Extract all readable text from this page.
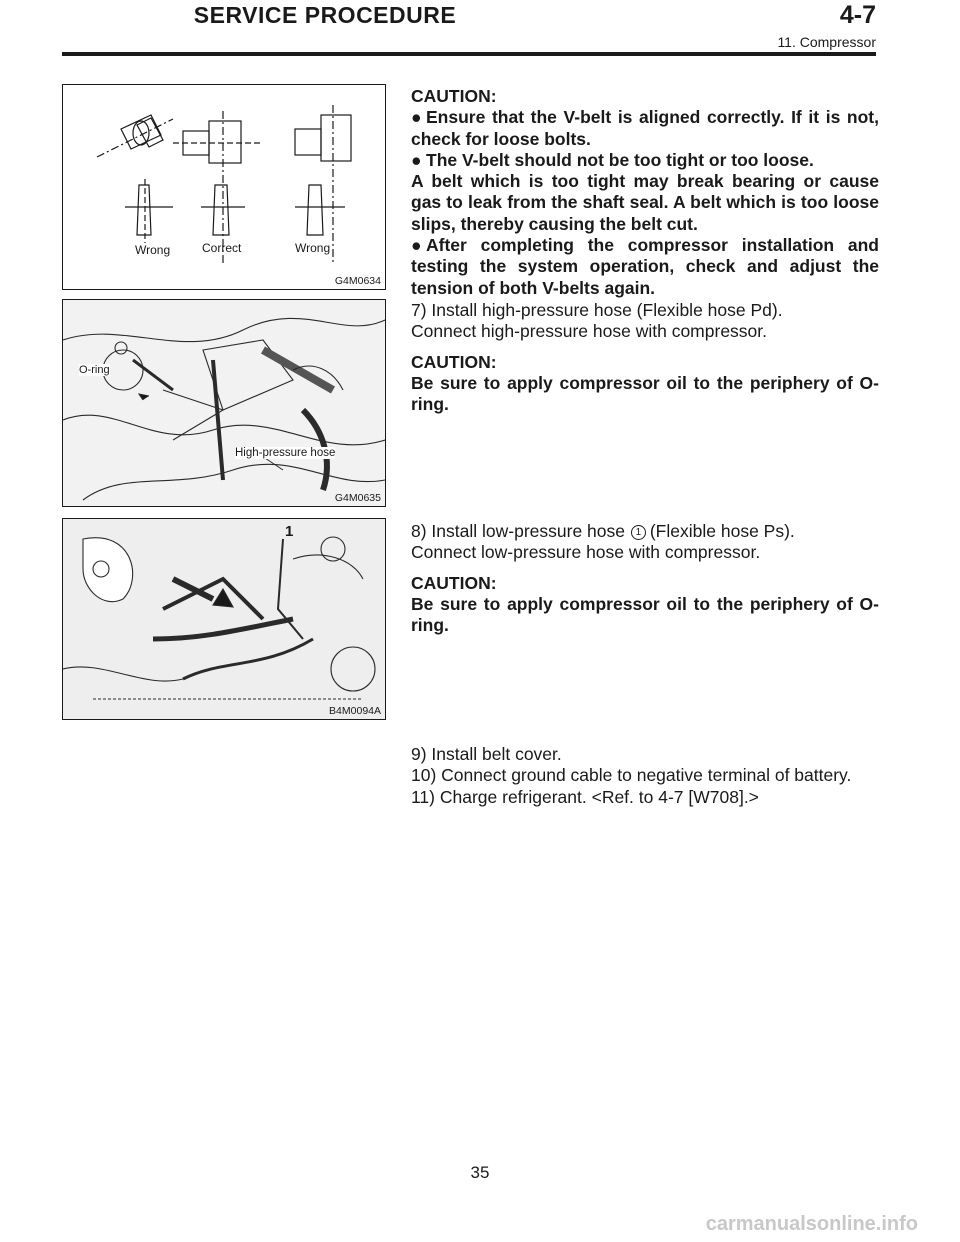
SERVICE PROCEDURE	4-7
11. Compressor
Wrong	Correct	Wrong
G4M0634
O-ring
High-pressure hose
G4M0635
1
B4M0094A

CAUTION:

● Ensure that the V-belt is aligned correctly. If it is not, check for loose bolts.

● The V-belt should not be too tight or too loose.

A belt which is too tight may break bearing or cause gas to leak from the shaft seal. A belt which is too loose slips, thereby causing the belt cut.

● After completing the compressor installation and testing the system operation, check and adjust the tension of both V-belts again.

7) Install high-pressure hose (Flexible hose Pd).

Connect high-pressure hose with compressor.

CAUTION:

Be sure to apply compressor oil to the periphery of O-ring.

8) Install low-pressure hose 1 (Flexible hose Ps).

Connect low-pressure hose with compressor.

CAUTION:

Be sure to apply compressor oil to the periphery of O-ring.

9) Install belt cover.

10) Connect ground cable to negative terminal of battery.

11) Charge refrigerant. <Ref. to 4-7 [W708].>

35
carmanualsonline.info
